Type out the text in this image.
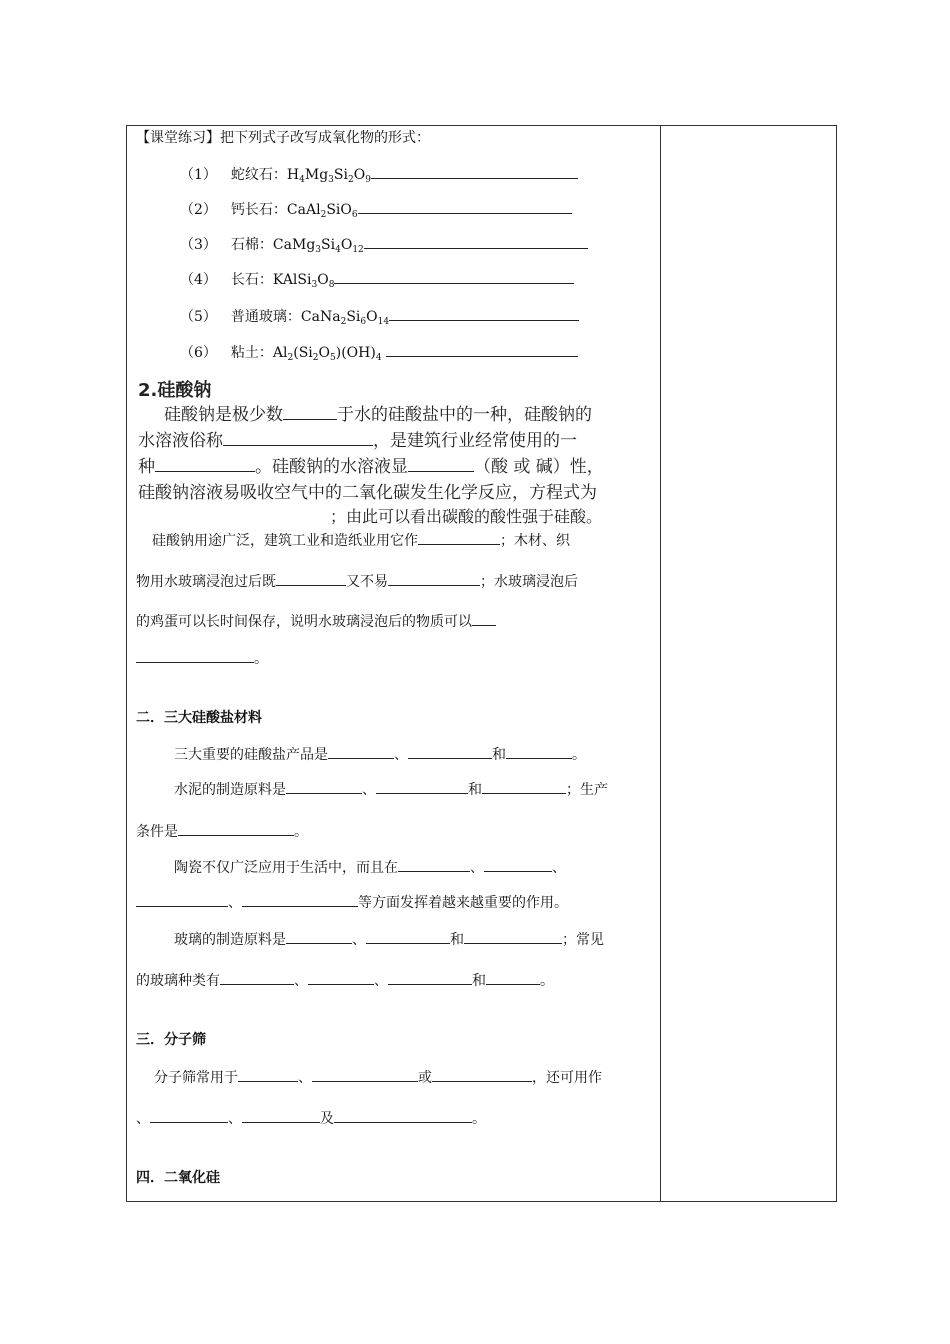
【课堂练习】把下列式子改写成氧化物的形式：
（1） 蛇纹石：$H_4Mg_3Si_2O_9$
（2） 钙长石：CaAl$_2$SiO$_6$
（3） 石棉：$CaMg_3Si_4O_{12}$
（4） 长石：$KAlSi_3O_8$
（5） 普通玻璃：$CaNa_2Si_6O_{14}$
（6） 粘土：$Al_2(Si_2O_5)(OH)_4$
2.硅酸钠
硅酸钠是极少数	于水的硅酸盐中的一种，硅酸钠的
水溶液俗称	，是建筑行业经常使用的一
种	。硅酸钠的水溶液显	（酸 或 碱）性，
硅酸钠溶液易吸收空气中的二氧化碳发生化学反应，方程式为
；由此可以看出碳酸的酸性强于硅酸。
硅酸钠用途广泛，建筑工业和造纸业用它作	；木材、织
物用水玻璃浸泡过后既	又不易	；水玻璃浸泡后
的鸡蛋可以长时间保存，说明水玻璃浸泡后的物质可以
。
二．三大硅酸盐材料
三大重要的硅酸盐产品是	、	和	。
水泥的制造原料是	、	和	；生产
条件是	。
陶瓷不仅广泛应用于生活中，而且在	、	、
、	等方面发挥着越来越重要的作用。
玻璃的制造原料是	、	和	；常见
的玻璃种类有	、	、	和	。
三．分子筛
分子筛常用于	、	或	，还可用作
、	、	及	。
四．二氧化硅
